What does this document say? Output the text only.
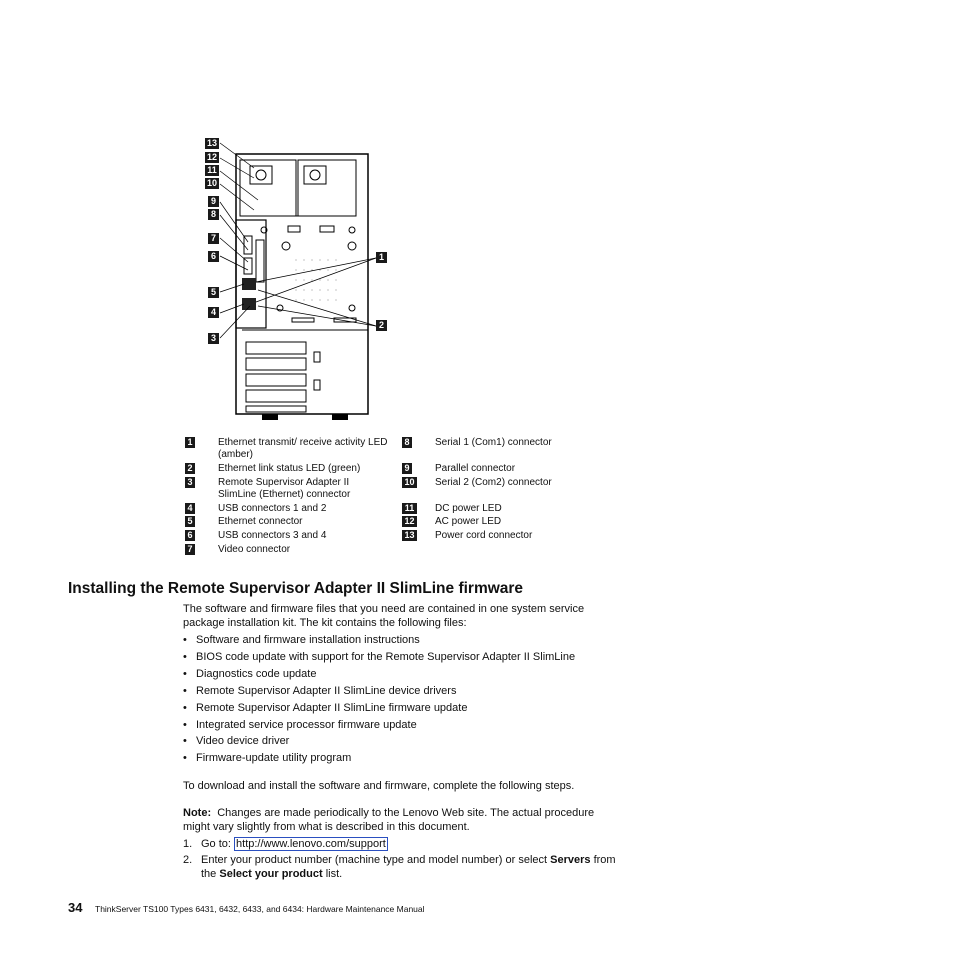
13
12
11
10
9
8
7
6
5
4
3
1
2
1	Ethernet transmit/ receive activity LED (amber)
2	Ethernet link status LED (green)
3	Remote Supervisor Adapter II SlimLine (Ethernet) connector
4	USB connectors 1 and 2
5	Ethernet connector
6	USB connectors 3 and 4
7	Video connector
8	Serial 1 (Com1) connector
9	Parallel connector
10 Serial 2 (Com2) connector
11 DC power LED
12 AC power LED
13 Power cord connector
Installing the Remote Supervisor Adapter II SlimLine firmware
The software and firmware files that you need are contained in one system service package installation kit. The kit contains the following files:
• Software and firmware installation instructions
• BIOS code update with support for the Remote Supervisor Adapter II SlimLine
• Diagnostics code update
• Remote Supervisor Adapter II SlimLine device drivers
• Remote Supervisor Adapter II SlimLine firmware update
• Integrated service processor firmware update
• Video device driver
• Firmware-update utility program
To download and install the software and firmware, complete the following steps.
Note: Changes are made periodically to the Lenovo Web site. The actual procedure might vary slightly from what is described in this document.
1. Go to: http://www.lenovo.com/support
2. Enter your product number (machine type and model number) or select Servers from the Select your product list.
34 ThinkServer TS100 Types 6431, 6432, 6433, and 6434: Hardware Maintenance Manual
